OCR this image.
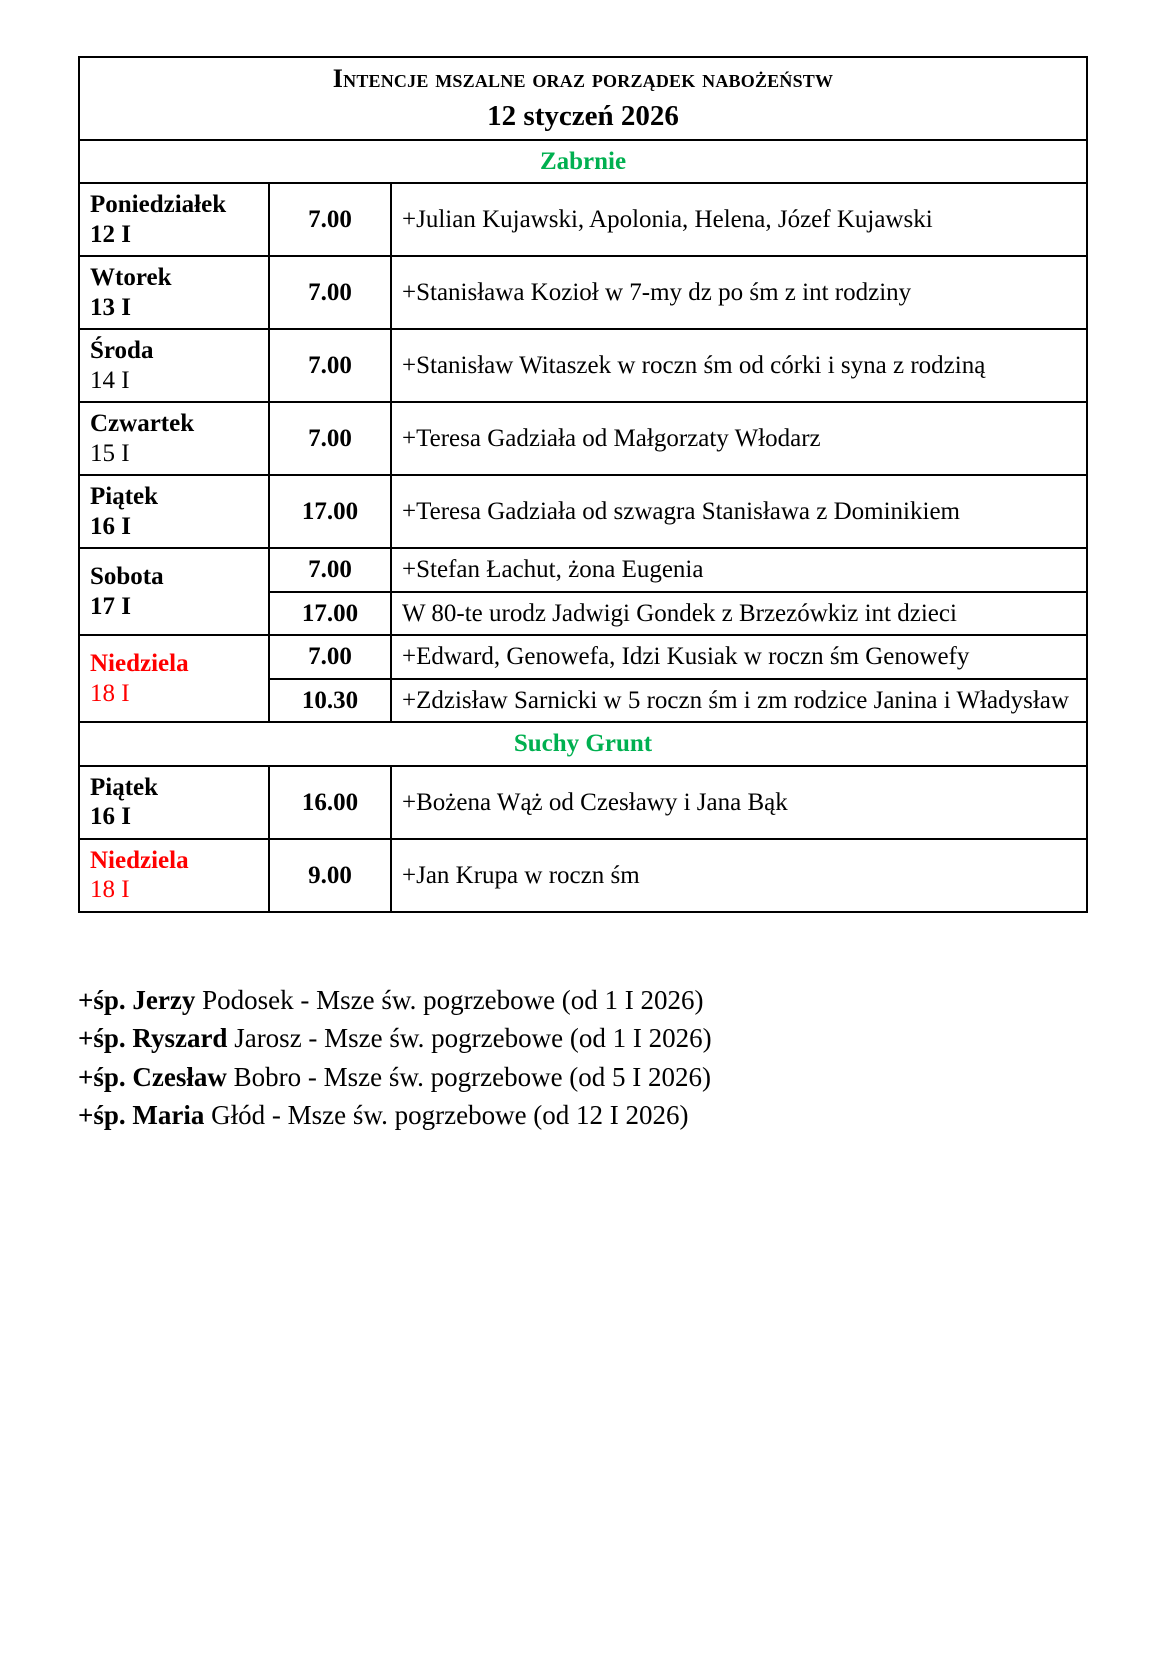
Intencje mszalne oraz porządek nabożeństw
12 styczeń 2026		

Zabrnie		

Poniedziałek
12 I	7.00	+Julian Kujawski, Apolonia, Helena, Józef Kujawski

Wtorek
13 I	7.00	+Stanisława Kozioł w 7-my dz po śm z int rodziny

Środa
14 I	7.00	+Stanisław Witaszek w roczn śm od córki i syna z rodziną

Czwartek
15 I	7.00	+Teresa Gadziała od Małgorzaty Włodarz

Piątek
16 I	17.00	+Teresa Gadziała od szwagra Stanisława z Dominikiem

Sobota
17 I	7.00	+Stefan Łachut, żona Eugenia
	17.00	W 80-te urodz Jadwigi Gondek z Brzezówkiz int dzieci

Niedziela
18 I	7.00	+Edward, Genowefa, Idzi Kusiak w roczn śm Genowefy
	10.30	+Zdzisław Sarnicki w 5 roczn śm i zm rodzice Janina i Władysław
Suchy Grunt		

Piątek
16 I	16.00	+Bożena Wąż od Czesławy i Jana Bąk

Niedziela
18 I	9.00	+Jan Krupa w roczn śm
+śp. Jerzy Podosek - Msze św. pogrzebowe (od 1 I 2026)
+śp. Ryszard Jarosz - Msze św. pogrzebowe (od 1 I 2026)
+śp. Czesław Bobro - Msze św. pogrzebowe (od 5 I 2026)
+śp. Maria Głód - Msze św. pogrzebowe (od 12 I 2026)
